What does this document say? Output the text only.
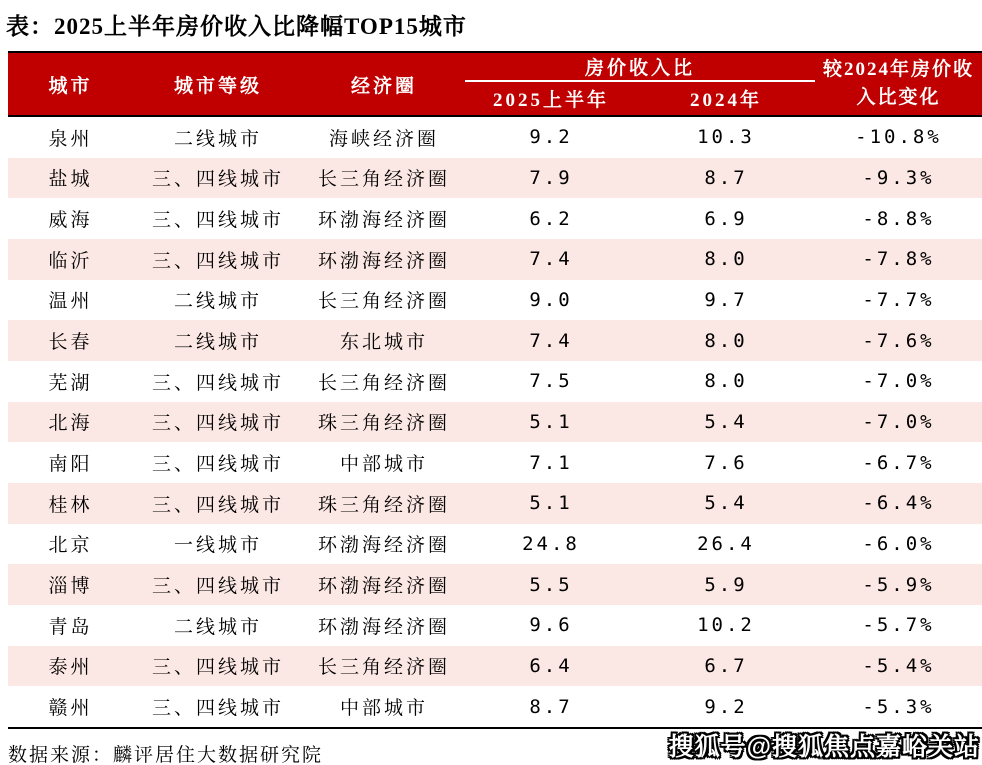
表：2025上半年房价收入比降幅TOP15城市
城市	城市等级	经济圈
房价收入比
2025上半年	2024年
较2024年房价收入比变化
泉州	二线城市	海峡经济圈	9.2	10.3	-10.8%
盐城	三、四线城市	长三角经济圈	7.9	8.7	-9.3%
威海	三、四线城市	环渤海经济圈	6.2	6.9	-8.8%
临沂	三、四线城市	环渤海经济圈	7.4	8.0	-7.8%
温州	二线城市	长三角经济圈	9.0	9.7	-7.7%
长春	二线城市	东北城市	7.4	8.0	-7.6%
芜湖	三、四线城市	长三角经济圈	7.5	8.0	-7.0%
北海	三、四线城市	珠三角经济圈	5.1	5.4	-7.0%
南阳	三、四线城市	中部城市	7.1	7.6	-6.7%
桂林	三、四线城市	珠三角经济圈	5.1	5.4	-6.4%
北京	一线城市	环渤海经济圈	24.8	26.4	-6.0%
淄博	三、四线城市	环渤海经济圈	5.5	5.9	-5.9%
青岛	二线城市	环渤海经济圈	9.6	10.2	-5.7%
泰州	三、四线城市	长三角经济圈	6.4	6.7	-5.4%
赣州	三、四线城市	中部城市	8.7	9.2	-5.3%
数据来源：麟评居住大数据研究院	搜狐号@搜狐焦点嘉峪关站
